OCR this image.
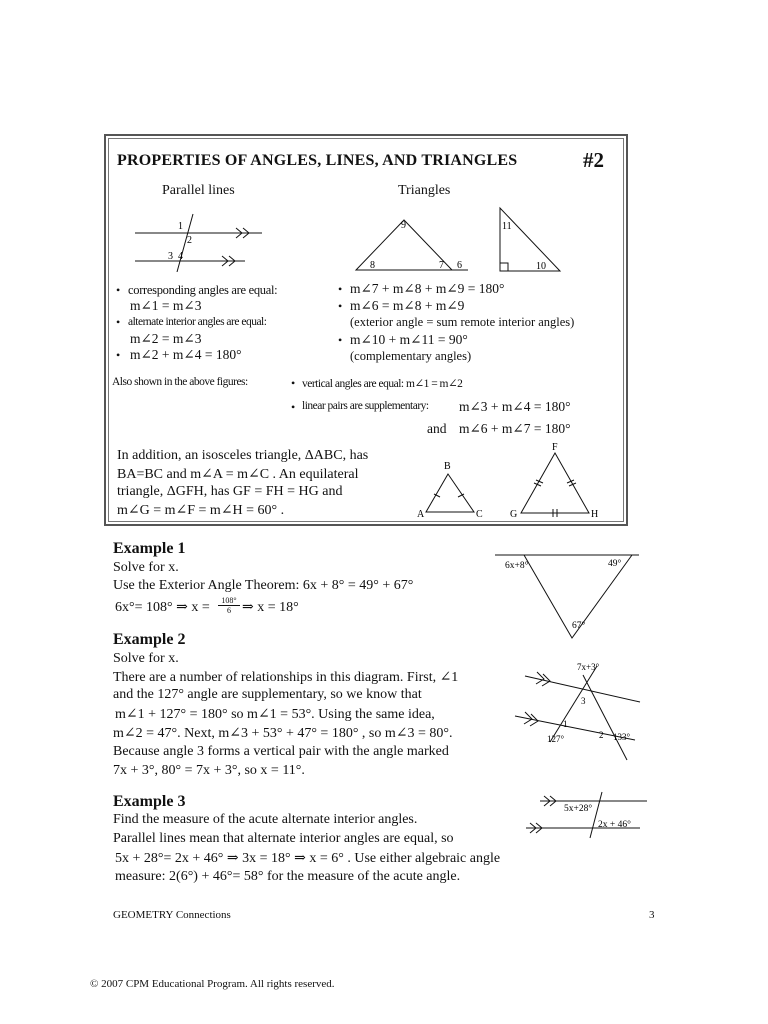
PROPERTIES OF ANGLES, LINES, AND TRIANGLES	#2
Parallel lines	Triangles
1
2
3 4
9
8	7 6
11
10
• corresponding angles are equal:
m∠1 = m∠3
• alternate interior angles are equal:
m∠2 = m∠3
• m∠2 + m∠4 = 180°
• m∠7 + m∠8 + m∠9 = 180°
• m∠6 = m∠8 + m∠9
(exterior angle = sum remote interior angles)
• m∠10 + m∠11 = 90°
(complementary angles)
Also shown in the above figures:	• vertical angles are equal: m∠1 = m∠2
• linear pairs are supplementary: m∠3 + m∠4 = 180°
and m∠6 + m∠7 = 180°
In addition, an isosceles triangle, ΔABC, has
BA=BC and m∠A = m∠C . An equilateral
triangle, ΔGFH, has GF = FH = HG and
m∠G = m∠F = m∠H = 60° .
B
A	C
F
G	H
Example 1
Solve for x.
Use the Exterior Angle Theorem: 6x + 8° = 49° + 67°
6x°= 108° ⇒ $x = \frac{108^\circ}{6}$ ⇒ x = 18°
6x+8°	49°
67°
Example 2
Solve for x.
There are a number of relationships in this diagram. First, ∠1
and the 127° angle are supplementary, so we know that
m∠1 + 127° = 180° so m∠1 = 53°. Using the same idea,
m∠2 = 47°. Next, m∠3 + 53° + 47° = 180° , so m∠3 = 80°.
Because angle 3 forms a vertical pair with the angle marked
7x + 3°, 80° = 7x + 3°, so x = 11°.
7x+3°
3
1
127°	2 133°
Example 3
Find the measure of the acute alternate interior angles.
Parallel lines mean that alternate interior angles are equal, so
5x + 28°= 2x + 46° ⇒ 3x = 18° ⇒ x = 6° . Use either algebraic angle
measure: 2(6°) + 46°= 58° for the measure of the acute angle.
5x+28°
2x + 46°
GEOMETRY Connections	3
© 2007 CPM Educational Program. All rights reserved.
